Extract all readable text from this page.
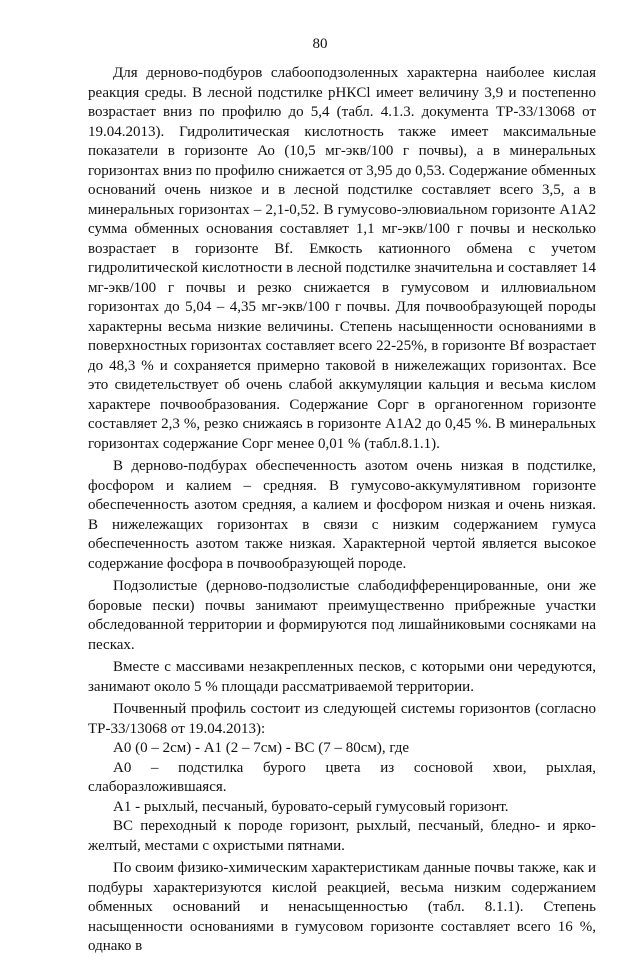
80

Для дерново-подбуров слабооподзоленных характерна наиболее кислая реакция среды. В лесной подстилке рНКCl имеет величину 3,9 и постепенно возрастает вниз по профилю до 5,4 (табл. 4.1.3. документа ТР-33/13068 от 19.04.2013). Гидролитическая кислотность также имеет максимальные показатели в горизонте Ао (10,5 мг-экв/100 г почвы), а в минеральных горизонтах вниз по профилю снижается от 3,95 до 0,53. Содержание обменных оснований очень низкое и в лесной подстилке составляет всего 3,5, а в минеральных горизонтах – 2,1-0,52. В гумусово-элювиальном горизонте А1А2 сумма обменных основания составляет 1,1 мг-экв/100 г почвы и несколько возрастает в горизонте Bf. Емкость катионного обмена с учетом гидролитической кислотности в лесной подстилке значительна и составляет 14 мг-экв/100 г почвы и резко снижается в гумусовом и иллювиальном горизонтах до 5,04 – 4,35 мг-экв/100 г почвы. Для почвообразующей породы характерны весьма низкие величины. Степень насыщенности основаниями в поверхностных горизонтах составляет всего 22-25%, в горизонте Bf возрастает до 48,3 % и сохраняется примерно таковой в нижележащих горизонтах. Все это свидетельствует об очень слабой аккумуляции кальция и весьма кислом характере почвообразования. Содержание Сорг в органогенном горизонте составляет 2,3 %, резко снижаясь в горизонте А1А2 до 0,45 %. В минеральных горизонтах содержание Сорг менее 0,01 % (табл.8.1.1).

В дерново-подбурах обеспеченность азотом очень низкая в подстилке, фосфором и калием – средняя. В гумусово-аккумулятивном горизонте обеспеченность азотом средняя, а калием и фосфором низкая и очень низкая. В нижележащих горизонтах в связи с низким содержанием гумуса обеспеченность азотом также низкая. Характерной чертой является высокое содержание фосфора в почвообразующей породе.

Подзолистые (дерново-подзолистые слабодифференцированные, они же боровые пески) почвы занимают преимущественно прибрежные участки обследованной территории и формируются под лишайниковыми сосняками на песках.

Вместе с массивами незакрепленных песков, с которыми они чередуются, занимают около 5 % площади рассматриваемой территории.

Почвенный профиль состоит из следующей системы горизонтов (согласно ТР-33/13068 от 19.04.2013):

А0 (0 – 2см) - А1 (2 – 7см) - ВС (7 – 80см), где

А0 – подстилка бурого цвета из сосновой хвои, рыхлая, слаборазложившаяся.

А1 - рыхлый, песчаный, буровато-серый гумусовый горизонт.

ВС переходный к породе горизонт, рыхлый, песчаный, бледно- и ярко-желтый, местами с охристыми пятнами.

По своим физико-химическим характеристикам данные почвы также, как и подбуры характеризуются кислой реакцией, весьма низким содержанием обменных оснований и ненасыщенностью (табл. 8.1.1). Степень насыщенности основаниями в гумусовом горизонте составляет всего 16 %, однако в
